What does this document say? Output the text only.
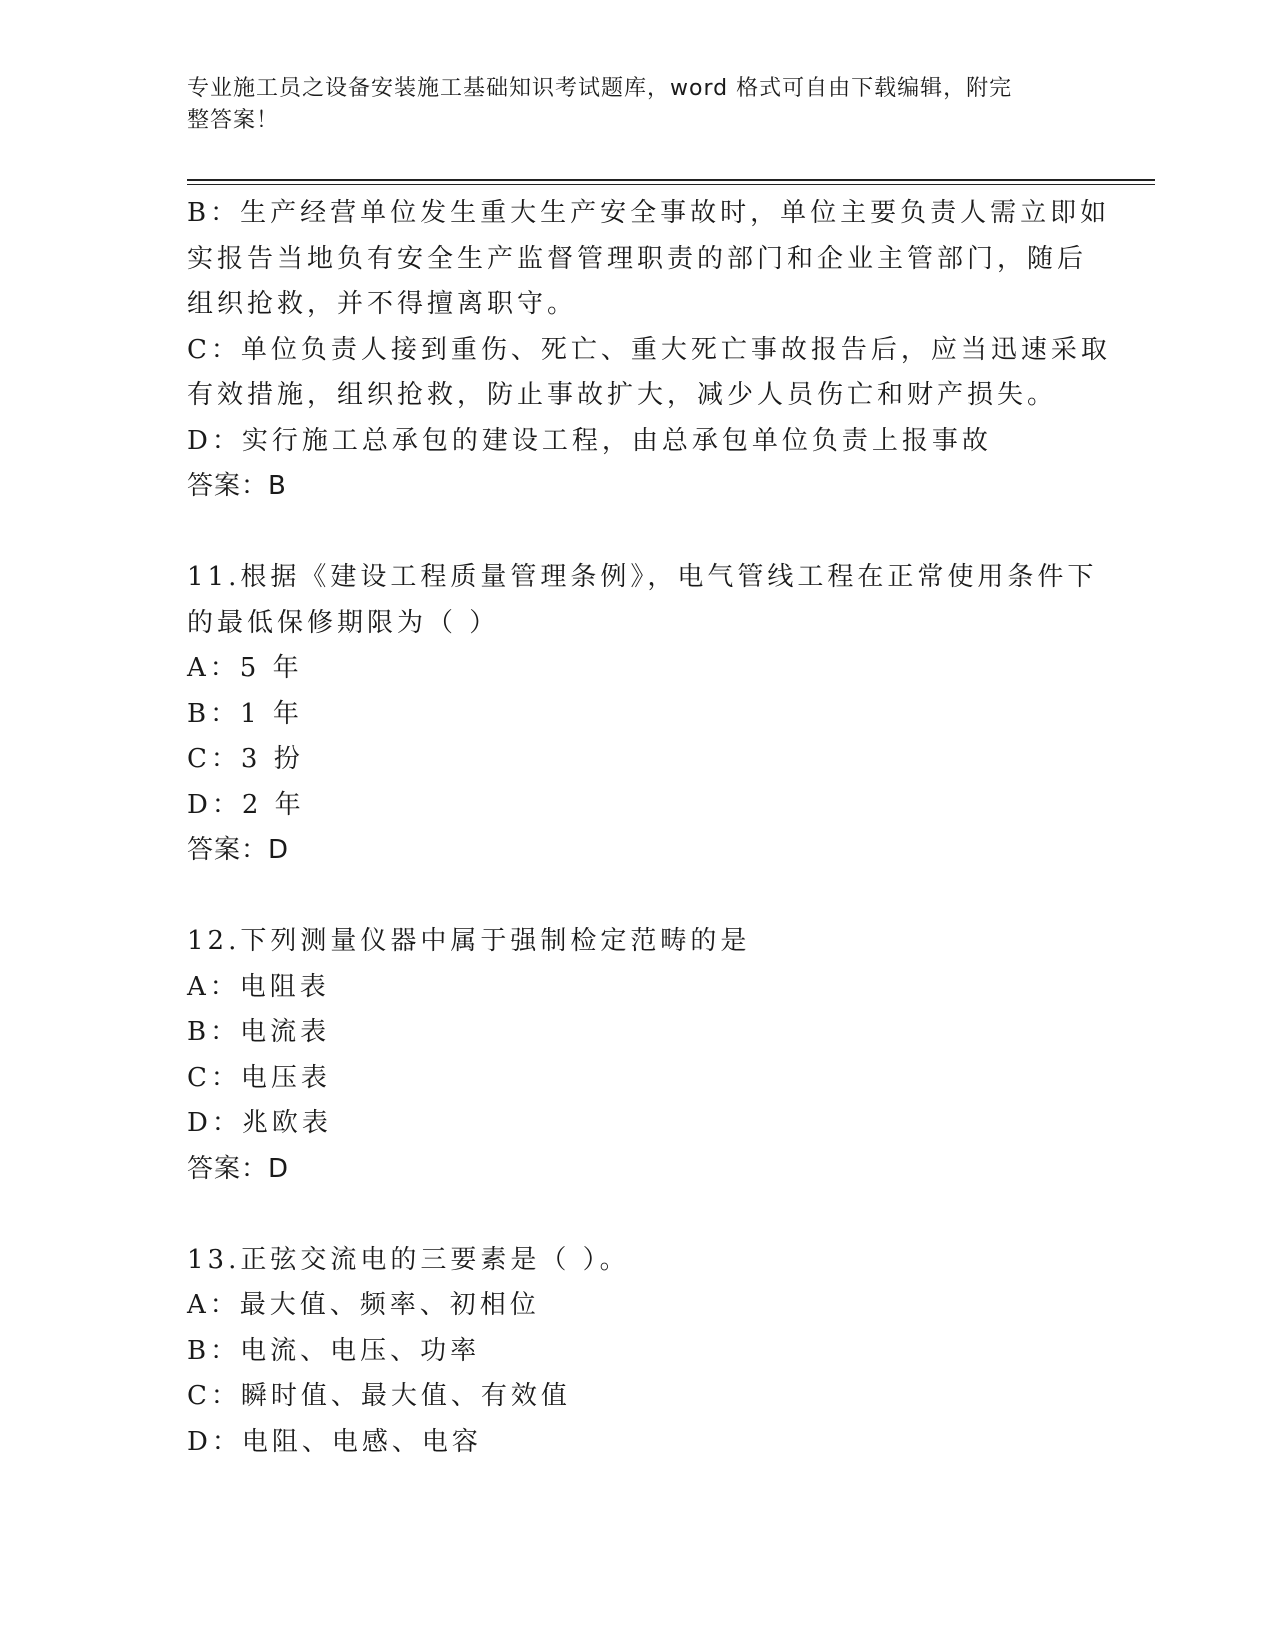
专业施工员之设备安装施工基础知识考试题库，word 格式可自由下载编辑，附完
整答案！
B：生产经营单位发生重大生产安全事故时，单位主要负责人需立即如
实报告当地负有安全生产监督管理职责的部门和企业主管部门，随后
组织抢救，并不得擅离职守。
C：单位负责人接到重伤、死亡、重大死亡事故报告后，应当迅速采取
有效措施，组织抢救，防止事故扩大，减少人员伤亡和财产损失。
D：实行施工总承包的建设工程，由总承包单位负责上报事故
答案：B
11.根据《建设工程质量管理条例》，电气管线工程在正常使用条件下
的最低保修期限为（ ）
A：5 年
B：1 年
C：3 扮
D：2 年
答案：D
12.下列测量仪器中属于强制检定范畴的是
A：电阻表
B：电流表
C：电压表
D：兆欧表
答案：D
13.正弦交流电的三要素是（ ）。
A：最大值、频率、初相位
B：电流、电压、功率
C：瞬时值、最大值、有效值
D：电阻、电感、电容
